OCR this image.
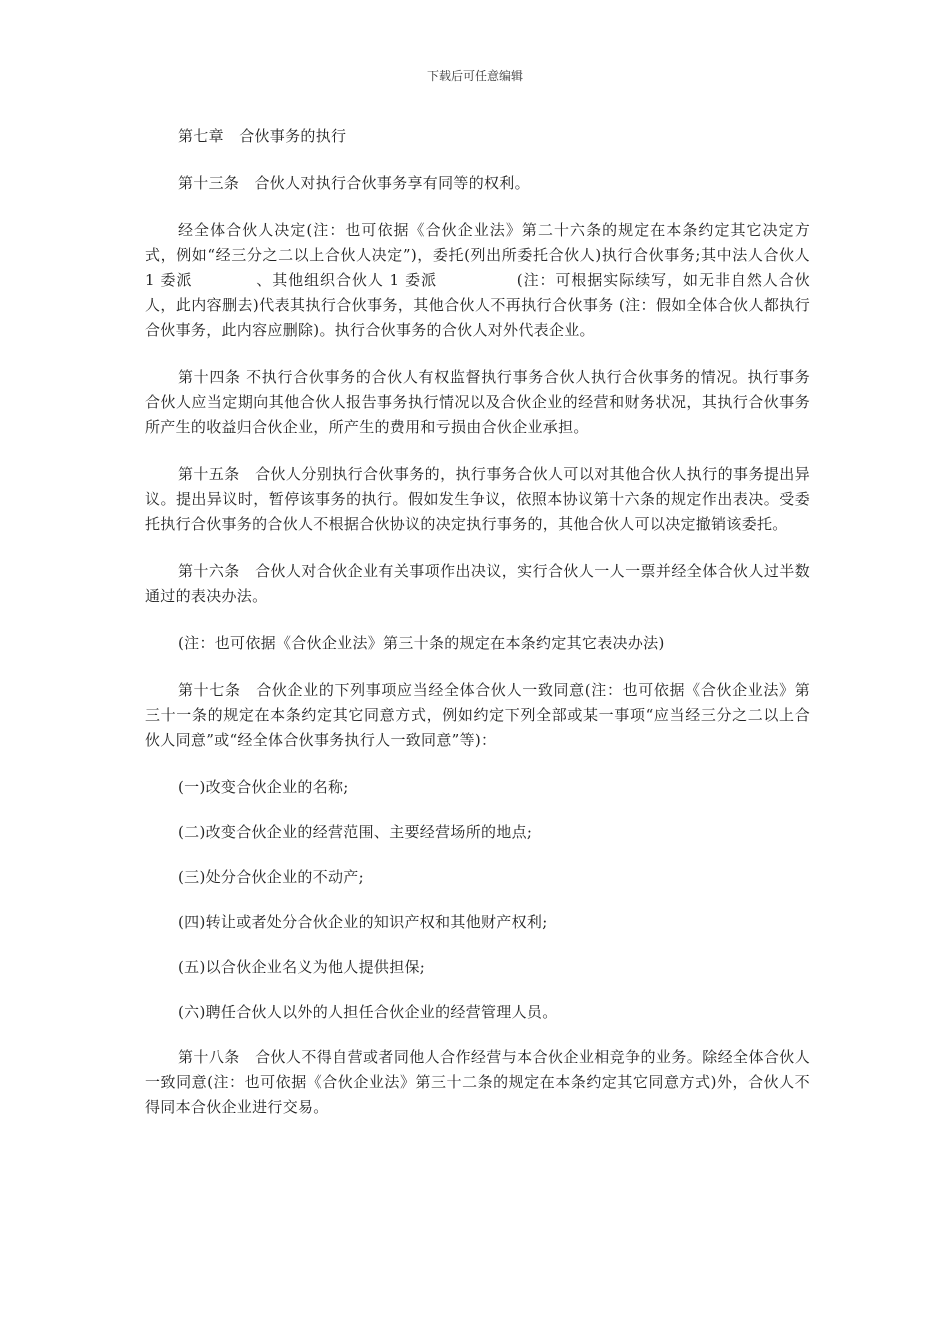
下载后可任意编辑

第七章　合伙事务的执行

第十三条　合伙人对执行合伙事务享有同等的权利。

经全体合伙人决定(注：也可依据《合伙企业法》第二十六条的规定在本条约定其它决定方式，例如“经三分之二以上合伙人决定”)，委托(列出所委托合伙人)执行合伙事务;其中法人合伙人 1 委派　　　　、其他组织合伙人 1 委派　　　　　(注：可根据实际续写，如无非自然人合伙人，此内容删去)代表其执行合伙事务，其他合伙人不再执行合伙事务 (注：假如全体合伙人都执行合伙事务，此内容应删除)。执行合伙事务的合伙人对外代表企业。

第十四条 不执行合伙事务的合伙人有权监督执行事务合伙人执行合伙事务的情况。执行事务合伙人应当定期向其他合伙人报告事务执行情况以及合伙企业的经营和财务状况，其执行合伙事务所产生的收益归合伙企业，所产生的费用和亏损由合伙企业承担。

第十五条　合伙人分别执行合伙事务的，执行事务合伙人可以对其他合伙人执行的事务提出异议。提出异议时，暂停该事务的执行。假如发生争议，依照本协议第十六条的规定作出表决。受委托执行合伙事务的合伙人不根据合伙协议的决定执行事务的，其他合伙人可以决定撤销该委托。

第十六条　合伙人对合伙企业有关事项作出决议，实行合伙人一人一票并经全体合伙人过半数通过的表决办法。

(注：也可依据《合伙企业法》第三十条的规定在本条约定其它表决办法)

第十七条　合伙企业的下列事项应当经全体合伙人一致同意(注：也可依据《合伙企业法》第三十一条的规定在本条约定其它同意方式，例如约定下列全部或某一事项“应当经三分之二以上合伙人同意”或“经全体合伙事务执行人一致同意”等)：

(一)改变合伙企业的名称;

(二)改变合伙企业的经营范围、主要经营场所的地点;

(三)处分合伙企业的不动产;

(四)转让或者处分合伙企业的知识产权和其他财产权利;

(五)以合伙企业名义为他人提供担保;

(六)聘任合伙人以外的人担任合伙企业的经营管理人员。

第十八条　合伙人不得自营或者同他人合作经营与本合伙企业相竞争的业务。除经全体合伙人一致同意(注：也可依据《合伙企业法》第三十二条的规定在本条约定其它同意方式)外，合伙人不得同本合伙企业进行交易。
